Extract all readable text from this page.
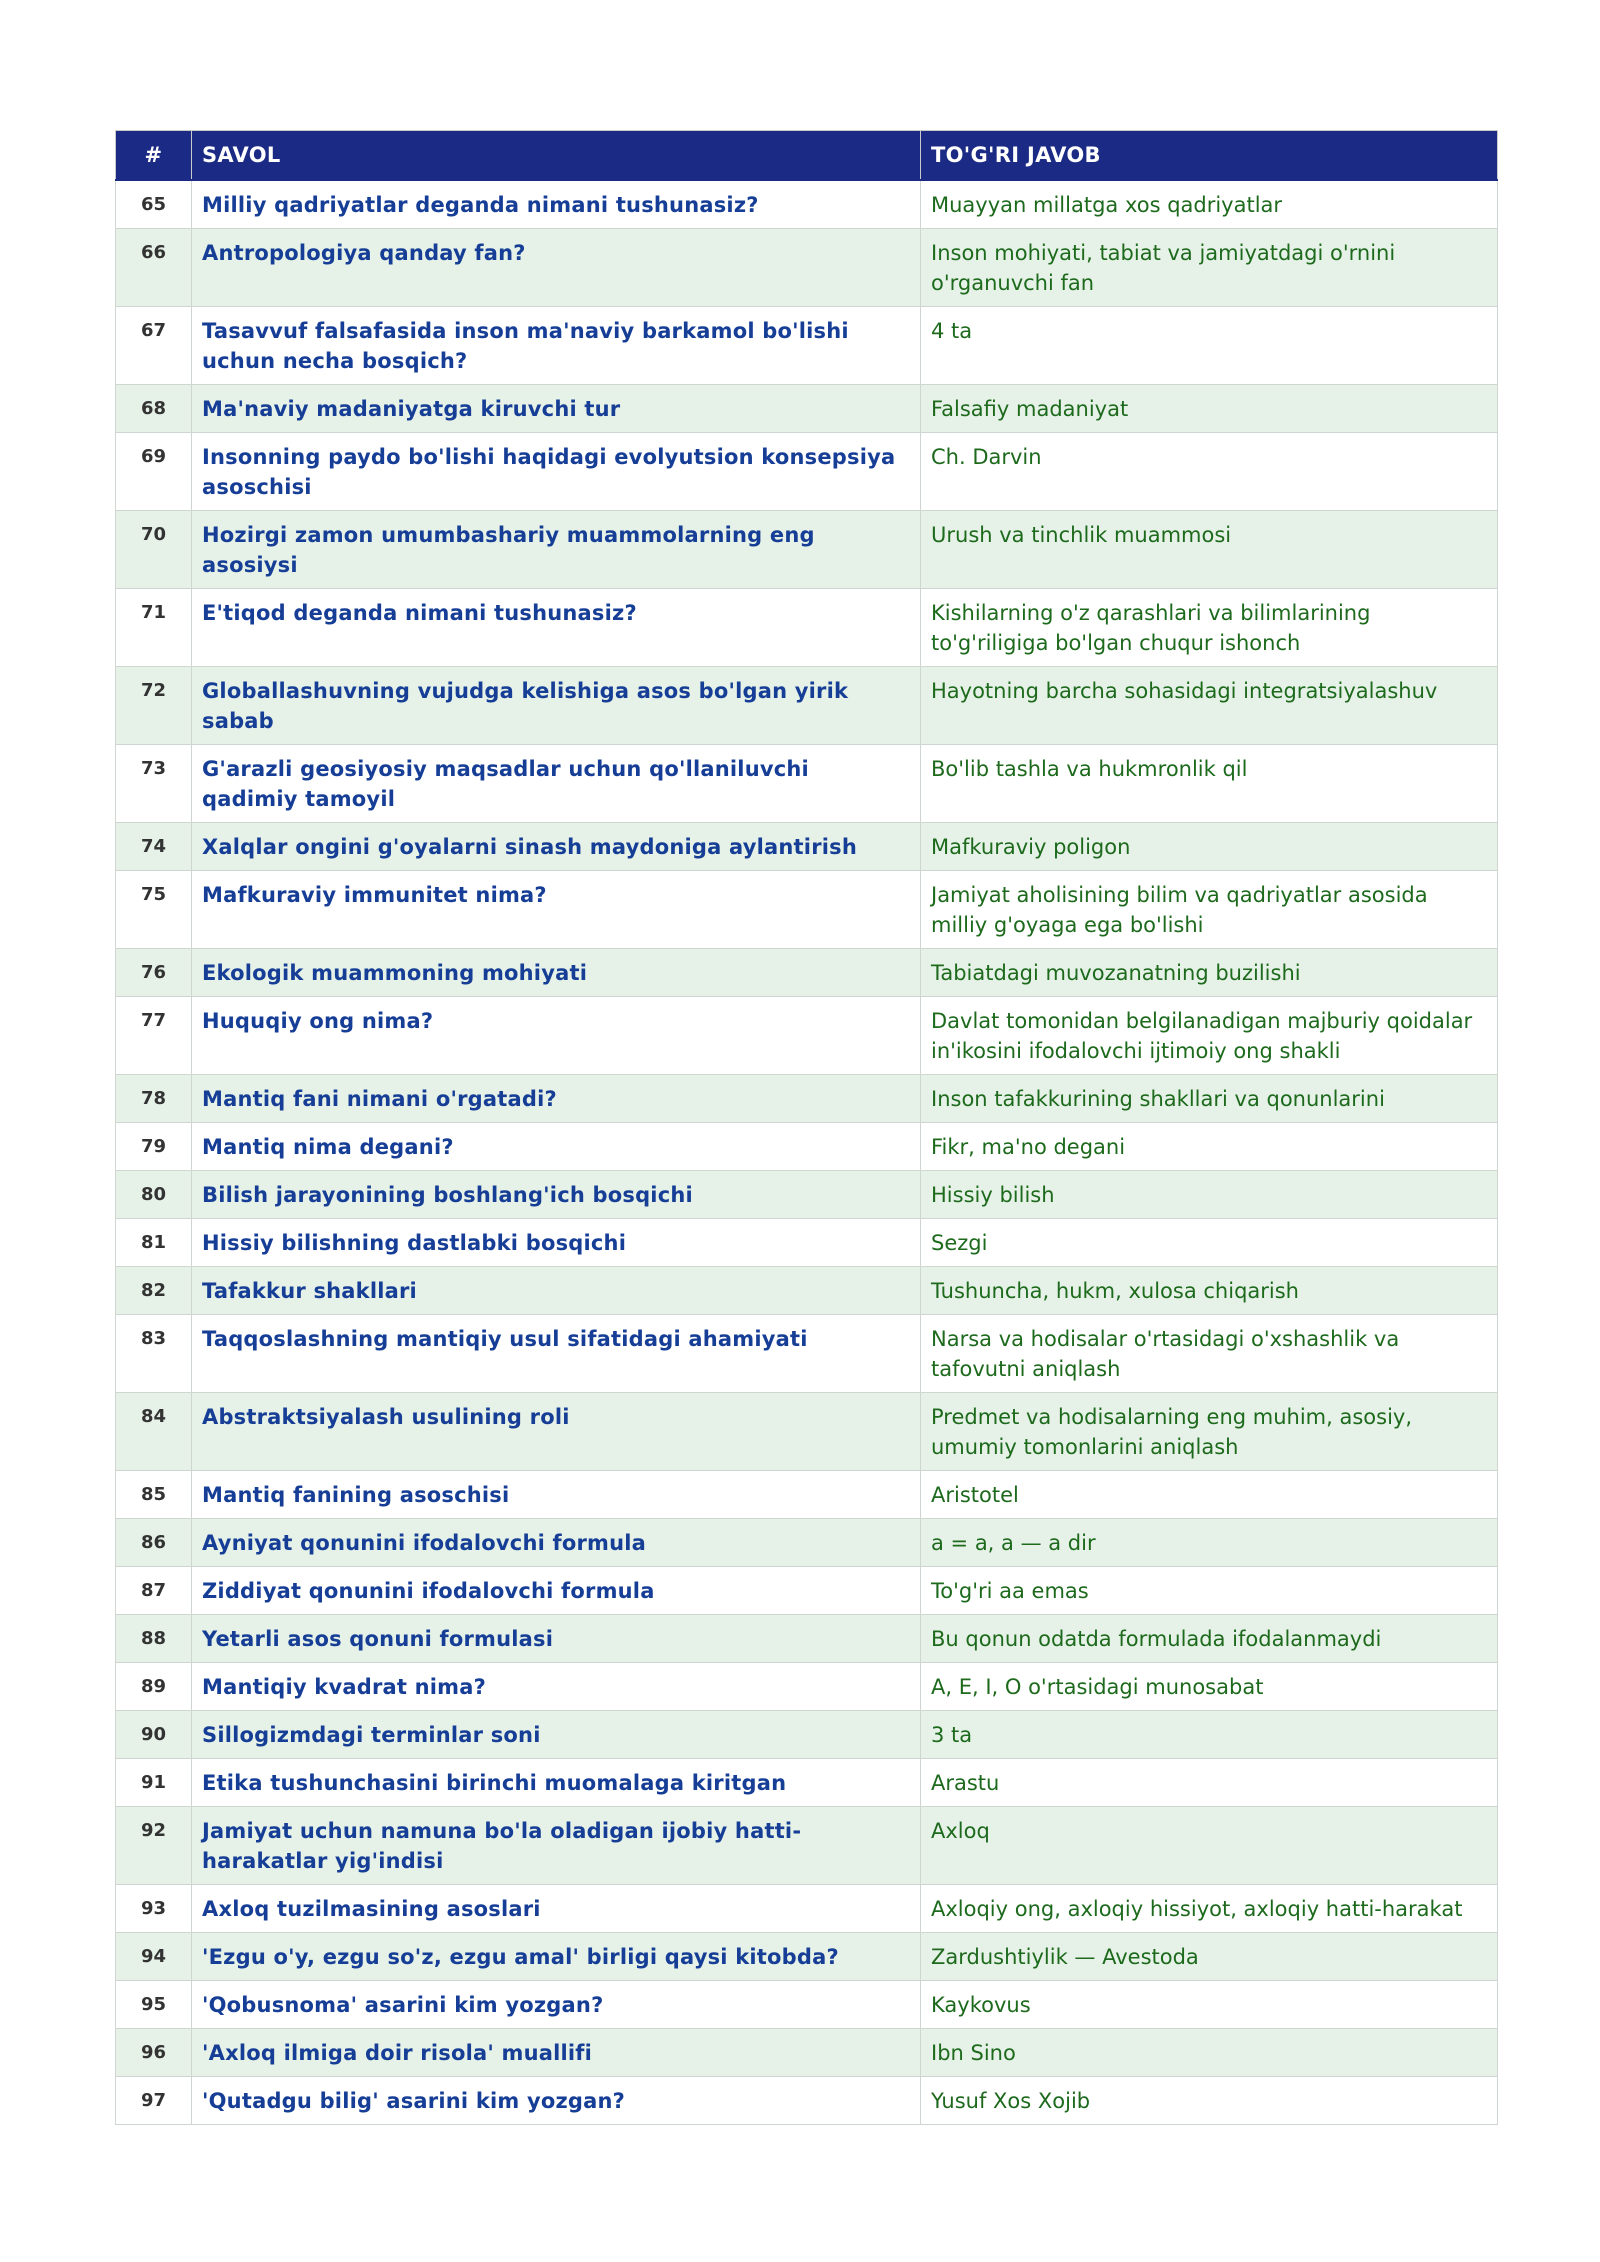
#	SAVOL	TO'G'RI JAVOB
65	Milliy qadriyatlar deganda nimani tushunasiz?	Muayyan millatga xos qadriyatlar
66	Antropologiya qanday fan?	Inson mohiyati, tabiat va jamiyatdagi o'rnini o'rganuvchi fan
67	Tasavvuf falsafasida inson ma'naviy barkamol bo'lishi uchun necha bosqich?	4 ta
68	Ma'naviy madaniyatga kiruvchi tur	Falsafiy madaniyat
69	Insonning paydo bo'lishi haqidagi evolyutsion konsepsiya asoschisi	Ch. Darvin
70	Hozirgi zamon umumbashariy muammolarning eng asosiysi	Urush va tinchlik muammosi
71	E'tiqod deganda nimani tushunasiz?	Kishilarning o'z qarashlari va bilimlarining to'g'riligiga bo'lgan chuqur ishonch
72	Globallashuvning vujudga kelishiga asos bo'lgan yirik sabab	Hayotning barcha sohasidagi integratsiyalashuv
73	G'arazli geosiyosiy maqsadlar uchun qo'llaniluvchi qadimiy tamoyil	Bo'lib tashla va hukmronlik qil
74	Xalqlar ongini g'oyalarni sinash maydoniga aylantirish	Mafkuraviy poligon
75	Mafkuraviy immunitet nima?	Jamiyat aholisining bilim va qadriyatlar asosida milliy g'oyaga ega bo'lishi
76	Ekologik muammoning mohiyati	Tabiatdagi muvozanatning buzilishi
77	Huquqiy ong nima?	Davlat tomonidan belgilanadigan majburiy qoidalar in'ikosini ifodalovchi ijtimoiy ong shakli
78	Mantiq fani nimani o'rgatadi?	Inson tafakkurining shakllari va qonunlarini
79	Mantiq nima degani?	Fikr, ma'no degani
80	Bilish jarayonining boshlang'ich bosqichi	Hissiy bilish
81	Hissiy bilishning dastlabki bosqichi	Sezgi
82	Tafakkur shakllari	Tushuncha, hukm, xulosa chiqarish
83	Taqqoslashning mantiqiy usul sifatidagi ahamiyati	Narsa va hodisalar o'rtasidagi o'xshashlik va tafovutni aniqlash
84	Abstraktsiyalash usulining roli	Predmet va hodisalarning eng muhim, asosiy, umumiy tomonlarini aniqlash
85	Mantiq fanining asoschisi	Aristotel
86	Ayniyat qonunini ifodalovchi formula	a = a, a — a dir
87	Ziddiyat qonunini ifodalovchi formula	To'g'ri aa emas
88	Yetarli asos qonuni formulasi	Bu qonun odatda formulada ifodalanmaydi
89	Mantiqiy kvadrat nima?	A, E, I, O o'rtasidagi munosabat
90	Sillogizmdagi terminlar soni	3 ta
91	Etika tushunchasini birinchi muomalaga kiritgan	Arastu
92	Jamiyat uchun namuna bo'la oladigan ijobiy hatti-harakatlar yig'indisi	Axloq
93	Axloq tuzilmasining asoslari	Axloqiy ong, axloqiy hissiyot, axloqiy hatti-harakat
94	'Ezgu o'y, ezgu so'z, ezgu amal' birligi qaysi kitobda?	Zardushtiylik — Avestoda
95	'Qobusnoma' asarini kim yozgan?	Kaykovus
96	'Axloq ilmiga doir risola' muallifi	Ibn Sino
97	'Qutadgu bilig' asarini kim yozgan?	Yusuf Xos Xojib
